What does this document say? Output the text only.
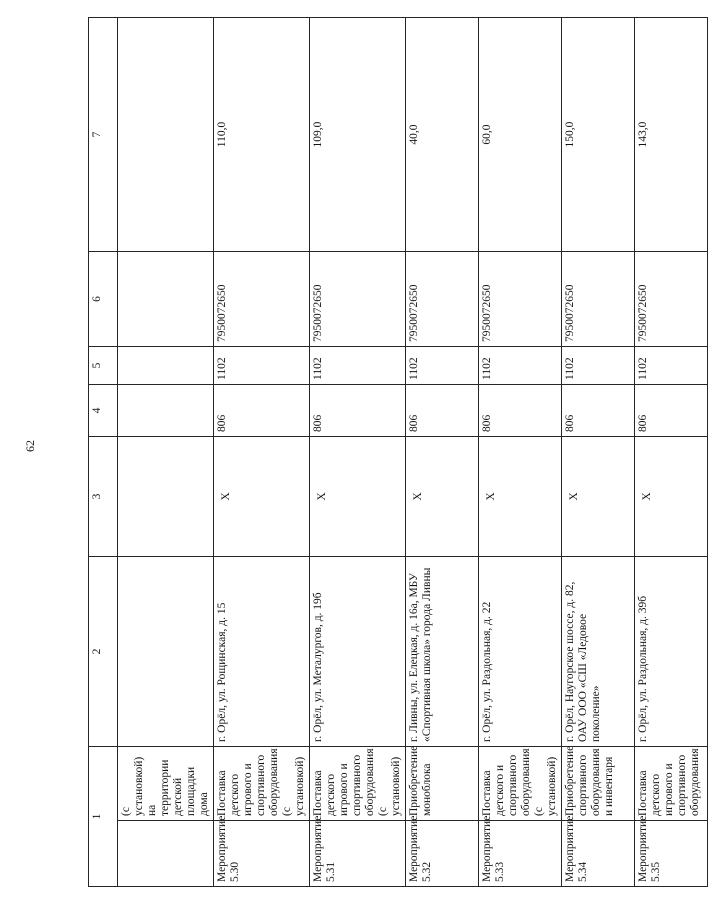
62
1		2	3	4	5	6	7
	(с установкой) на территории детской площадки дома						
Мероприятие 5.30	Поставка детского игрового и спортивного оборудования (с установкой)	г. Орёл, ул. Рощинская, д. 15	X	806	1102	7950072650	110,0
Мероприятие 5.31	Поставка детского игрового и спортивного оборудования (с установкой)	г. Орёл, ул. Металургов, д. 19б	X	806	1102	7950072650	109,0
Мероприятие 5.32	Приобретение моноблока	г. Ливны, ул. Елецкая, д. 16а, МБУ «Спортивная школа» города Ливны	X	806	1102	7950072650	40,0
Мероприятие 5.33	Поставка детского и спортивного оборудования (с установкой)	г. Орёл, ул. Раздольная, д. 22	X	806	1102	7950072650	60,0
Мероприятие 5.34	Приобретение спортивного оборудования и инвентаря	г. Орёл, Наугорское шоссе, д. 82, ОАУ ООО «СШ «Ледовое поколение»	X	806	1102	7950072650	150,0
Мероприятие 5.35	Поставка детского игрового и спортивного оборудования	г. Орёл, ул. Раздольная, д. 39б	X	806	1102	7950072650	143,0
